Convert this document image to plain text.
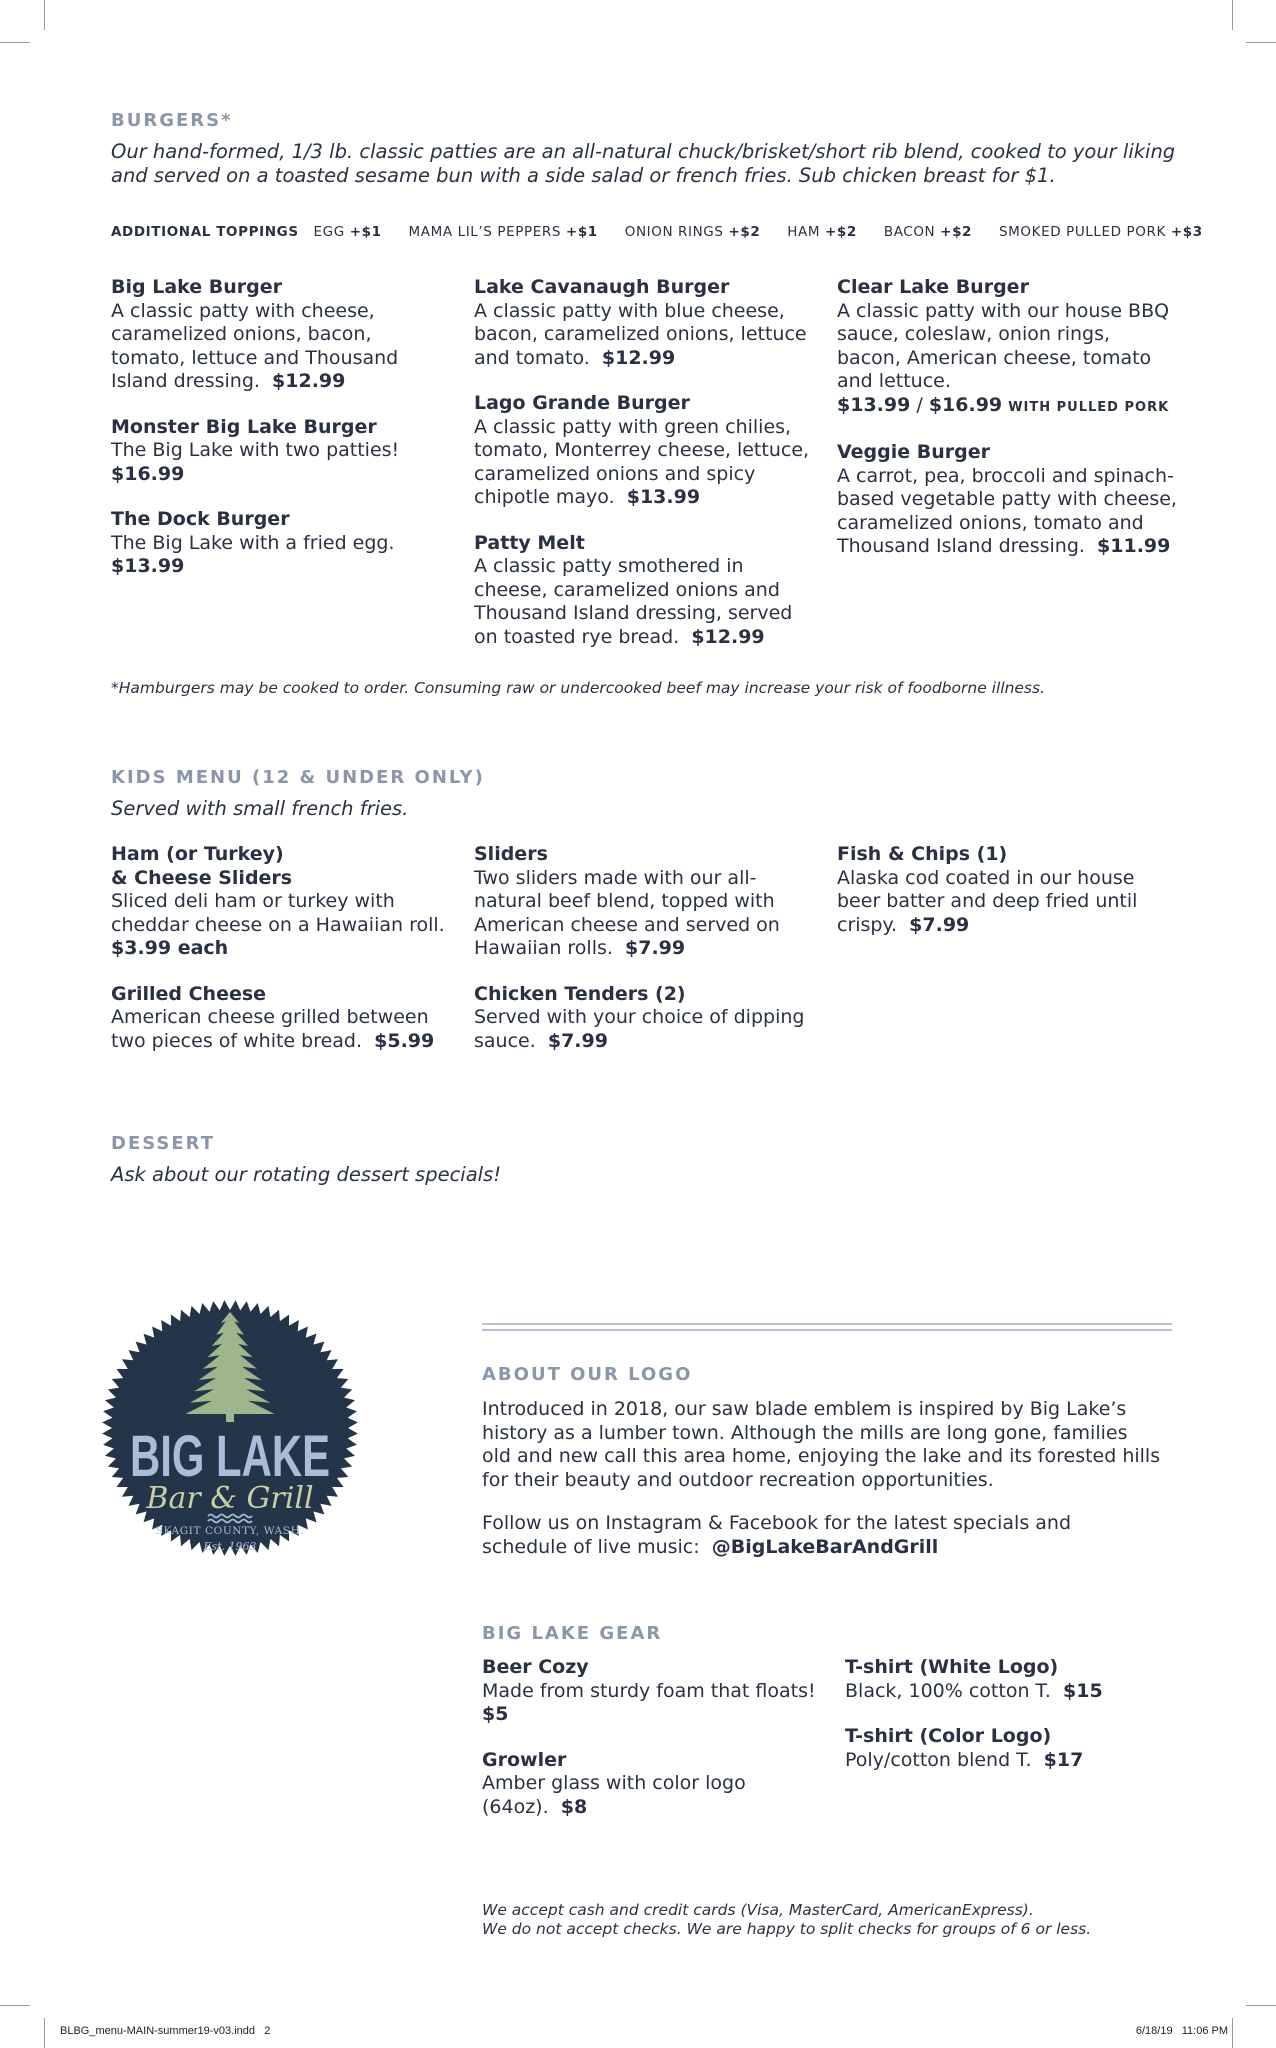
BURGERS*
Our hand-formed, 1/3 lb. classic patties are an all-natural chuck/brisket/short rib blend, cooked to your liking and served on a toasted sesame bun with a side salad or french fries. Sub chicken breast for $1.
ADDITIONAL TOPPINGS EGG +$1 MAMA LIL’S PEPPERS +$1 ONION RINGS +$2 HAM +$2 BACON +$2 SMOKED PULLED PORK +$3
Big Lake Burger
A classic patty with cheese, caramelized onions, bacon, tomato, lettuce and Thousand Island dressing. $12.99
Monster Big Lake Burger
The Big Lake with two patties!
$16.99
The Dock Burger
The Big Lake with a fried egg.
$13.99
Lake Cavanaugh Burger
A classic patty with blue cheese, bacon, caramelized onions, lettuce and tomato. $12.99
Lago Grande Burger
A classic patty with green chilies, tomato, Monterrey cheese, lettuce, caramelized onions and spicy chipotle mayo. $13.99
Patty Melt
A classic patty smothered in cheese, caramelized onions and Thousand Island dressing, served on toasted rye bread. $12.99
Clear Lake Burger
A classic patty with our house BBQ sauce, coleslaw, onion rings, bacon, American cheese, tomato and lettuce.
$13.99 / $16.99 WITH PULLED PORK
Veggie Burger
A carrot, pea, broccoli and spinach-based vegetable patty with cheese, caramelized onions, tomato and Thousand Island dressing. $11.99
*Hamburgers may be cooked to order. Consuming raw or undercooked beef may increase your risk of foodborne illness.
KIDS MENU (12 & UNDER ONLY)
Served with small french fries.
Ham (or Turkey)
& Cheese Sliders
Sliced deli ham or turkey with cheddar cheese on a Hawaiian roll.  $3.99 each
Grilled Cheese
American cheese grilled between two pieces of white bread. $5.99
Sliders
Two sliders made with our all-natural beef blend, topped with American cheese and served on Hawaiian rolls. $7.99
Chicken Tenders (2)
Served with your choice of dipping sauce. $7.99
Fish & Chips (1)
Alaska cod coated in our house beer batter and deep fried until crispy. $7.99
DESSERT
Ask about our rotating dessert specials!
BIG LAKE
Bar & Grill
SKAGIT COUNTY, WASH.
Est. 1963
ABOUT OUR LOGO
Introduced in 2018, our saw blade emblem is inspired by Big Lake’s history as a lumber town. Although the mills are long gone, families old and new call this area home, enjoying the lake and its forested hills for their beauty and outdoor recreation opportunities.
Follow us on Instagram & Facebook for the latest specials and schedule of live music: @BigLakeBarAndGrill
BIG LAKE GEAR
Beer Cozy
Made from sturdy foam that floats!  $5
Growler
Amber glass with color logo (64oz). $8
T-shirt (White Logo)
Black, 100% cotton T. $15
T-shirt (Color Logo)
Poly/cotton blend T. $17
We accept cash and credit cards (Visa, MasterCard, AmericanExpress).
We do not accept checks. We are happy to split checks for groups of 6 or less.
BLBG_menu-MAIN-summer19-v03.indd   2	6/18/19   11:06 PM
